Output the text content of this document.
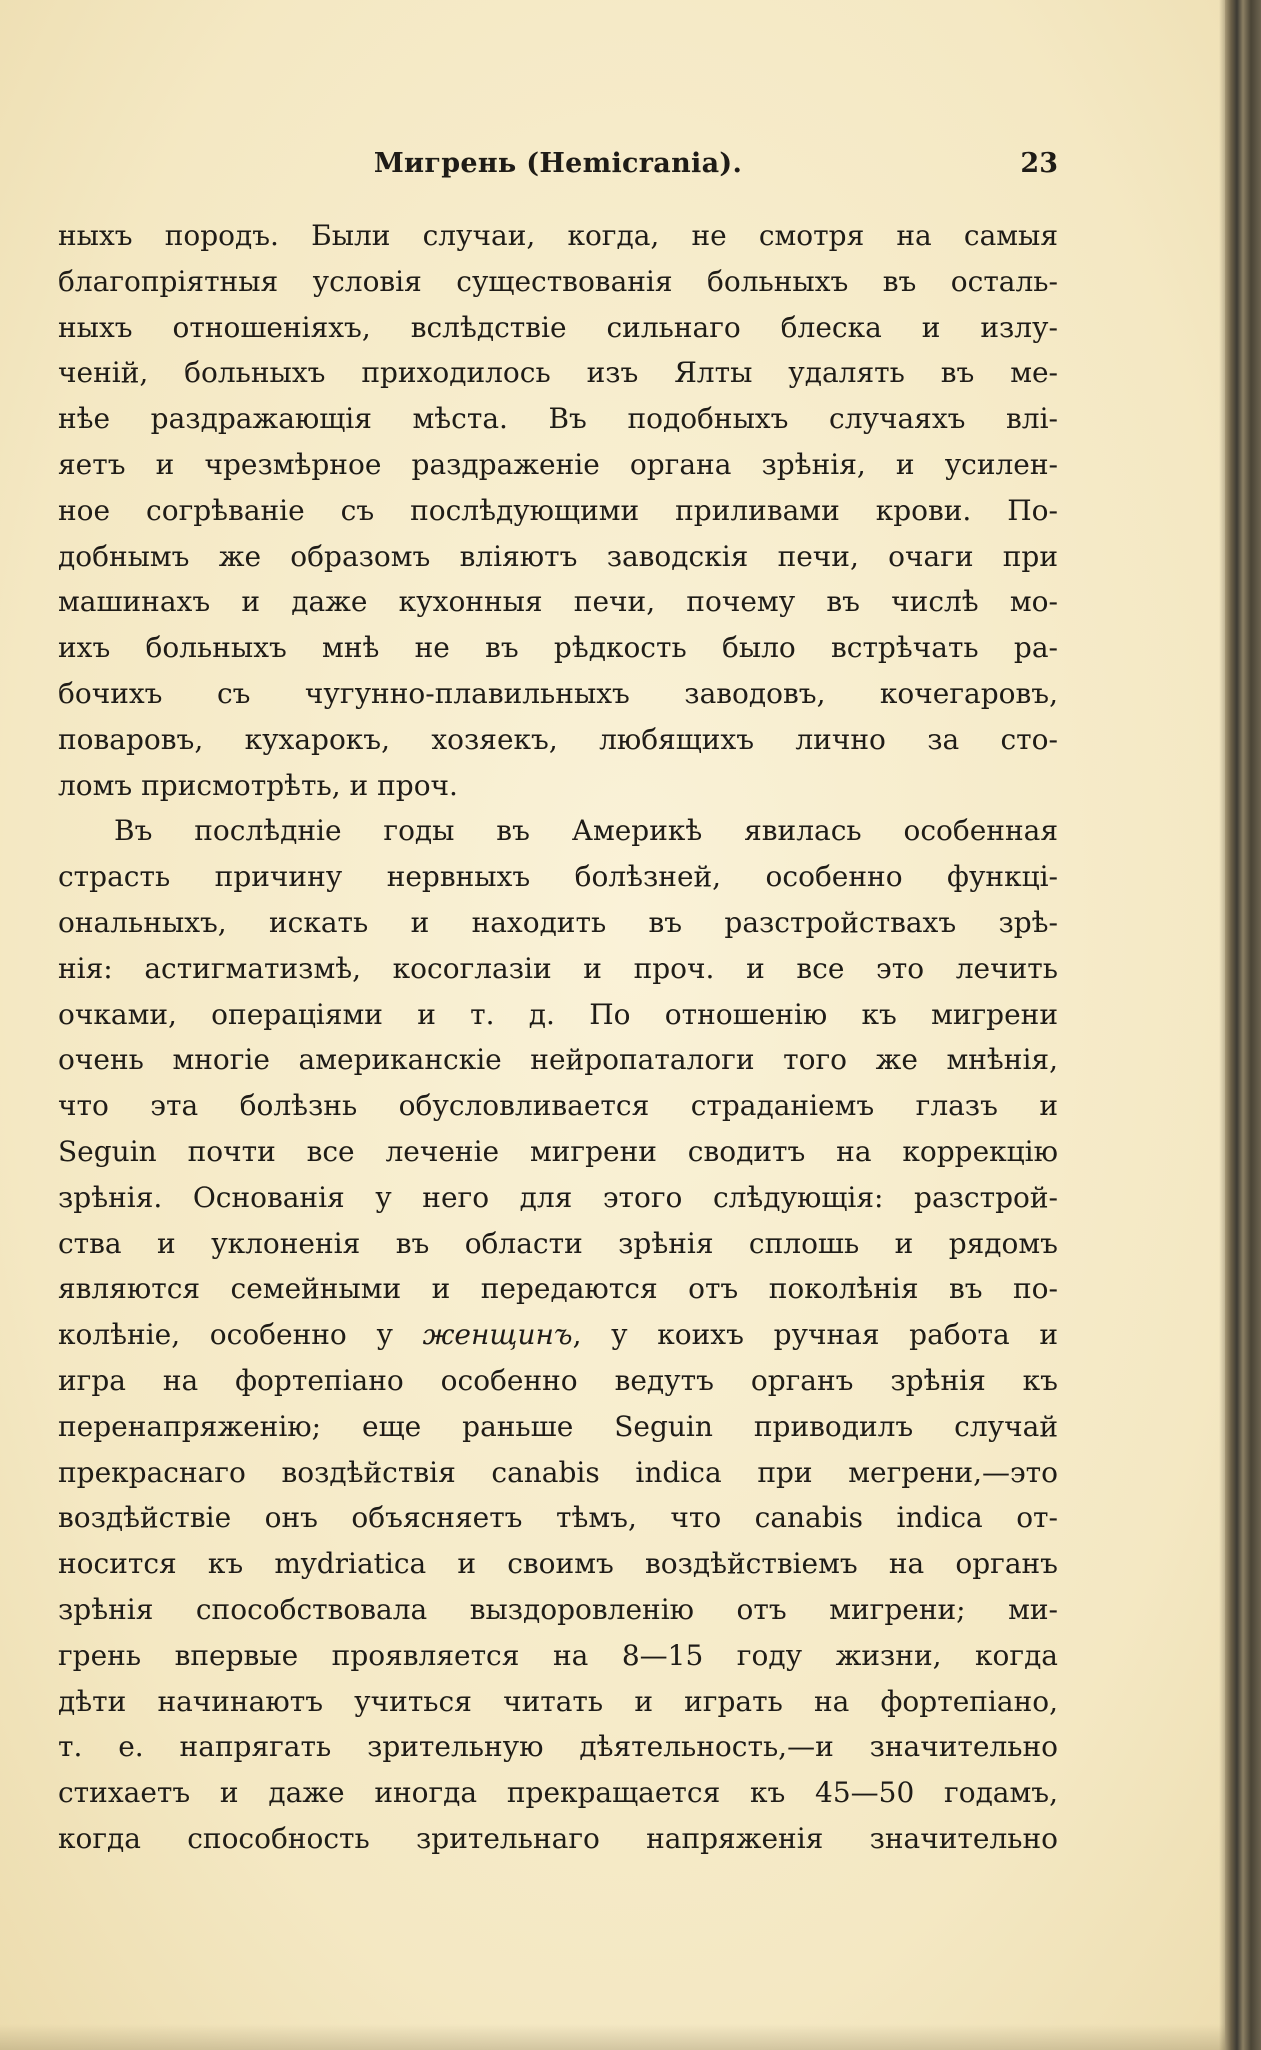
Мигрень (Hemicrania).	23
ныхъ породъ. Были случаи, когда, не смотря на самыя
благопріятныя условія существованія больныхъ въ осталь-
ныхъ отношеніяхъ, вслѣдствіе сильнаго блеска и излу-
ченій, больныхъ приходилось изъ Ялты удалять въ ме-
нѣе раздражающія мѣста. Въ подобныхъ случаяхъ влі-
яетъ и чрезмѣрное раздраженіе органа зрѣнія, и усилен-
ное согрѣваніе съ послѣдующими приливами крови. По-
добнымъ же образомъ вліяютъ заводскія печи, очаги при
машинахъ и даже кухонныя печи, почему въ числѣ мо-
ихъ больныхъ мнѣ не въ рѣдкость было встрѣчать ра-
бочихъ съ чугунно-плавильныхъ заводовъ, кочегаровъ,
поваровъ, кухарокъ, хозяекъ, любящихъ лично за сто-
ломъ присмотрѣть, и проч.
Въ послѣдніе годы въ Америкѣ явилась особенная
страсть причину нервныхъ болѣзней, особенно функці-
ональныхъ, искать и находить въ разстройствахъ зрѣ-
нія: астигматизмѣ, косоглазіи и проч. и все это лечить
очками, операціями и т. д. По отношенію къ мигрени
очень многіе американскіе нейропаталоги того же мнѣнія,
что эта болѣзнь обусловливается страданіемъ глазъ и
Seguin почти все леченіе мигрени сводитъ на коррекцію
зрѣнія. Основанія у него для этого слѣдующія: разстрой-
ства и уклоненія въ области зрѣнія сплошь и рядомъ
являются семейными и передаются отъ поколѣнія въ по-
колѣніе, особенно у женщинъ, у коихъ ручная работа и
игра на фортепіано особенно ведутъ органъ зрѣнія къ
перенапряженію; еще раньше Seguin приводилъ случай
прекраснаго воздѣйствія canabis indica при мегрени,—это
воздѣйствіе онъ объясняетъ тѣмъ, что canabis indica от-
носится къ mydriatica и своимъ воздѣйствіемъ на органъ
зрѣнія способствовала выздоровленію отъ мигрени; ми-
грень впервые проявляется на 8—15 году жизни, когда
дѣти начинаютъ учиться читать и играть на фортепіано,
т. е. напрягать зрительную дѣятельность,—и значительно
стихаетъ и даже иногда прекращается къ 45—50 годамъ,
когда способность зрительнаго напряженія значительно
